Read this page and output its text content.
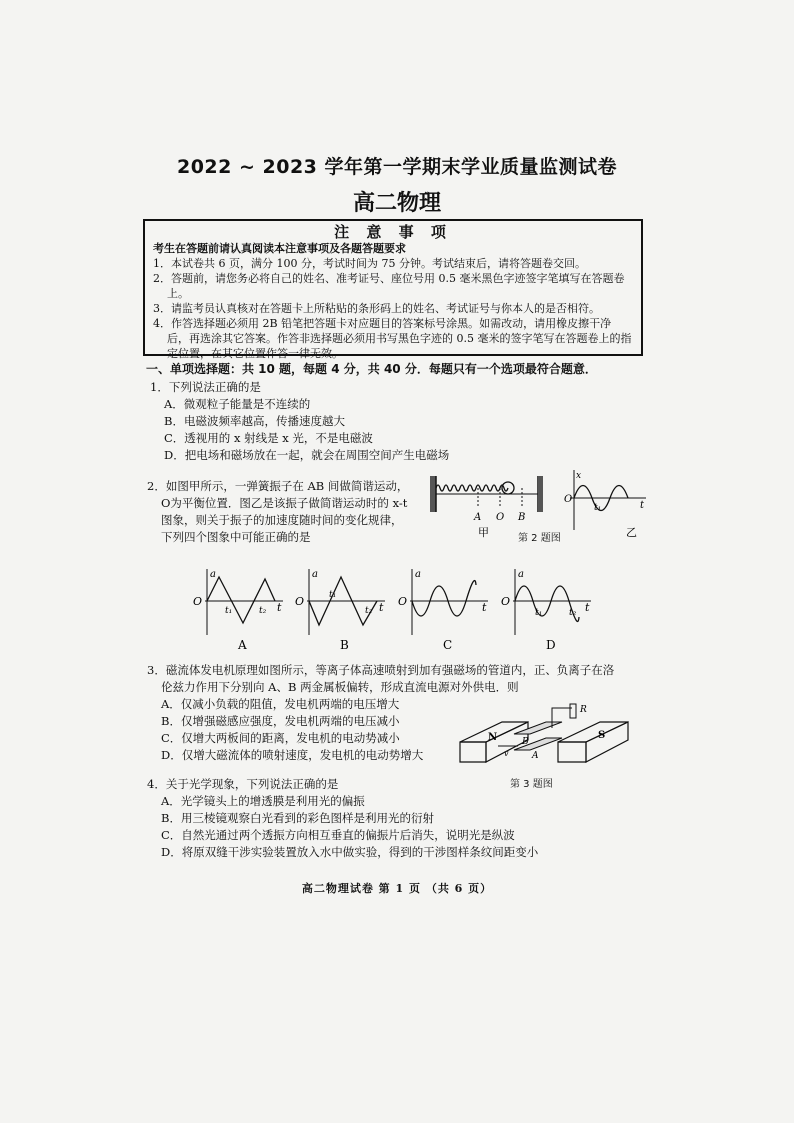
2022 ~ 2023 学年第一学期末学业质量监测试卷
高二物理
注 意 事 项
考生在答题前请认真阅读本注意事项及各题答题要求
1．本试卷共 6 页，满分 100 分，考试时间为 75 分钟。考试结束后，请将答题卷交回。
2．答题前，请您务必将自己的姓名、准考证号、座位号用 0.5 毫米黑色字迹签字笔填写在答题卷上。
3．请监考员认真核对在答题卡上所粘贴的条形码上的姓名、考试证号与你本人的是否相符。
4．作答选择题必须用 2B 铅笔把答题卡对应题目的答案标号涂黑。如需改动，请用橡皮擦干净后，再选涂其它答案。作答非选择题必须用书写黑色字迹的 0.5 毫米的签字笔写在答题卷上的指定位置，在其它位置作答一律无效。
一、单项选择题：共 10 题，每题 4 分，共 40 分．每题只有一个选项最符合题意．
1．下列说法正确的是
A．微观粒子能量是不连续的
B．电磁波频率越高，传播速度越大
C．透视用的 x 射线是 x 光，不是电磁波
D．把电场和磁场放在一起，就会在周围空间产生电磁场
2．如图甲所示，一弹簧振子在 AB 间做简谐运动，
O为平衡位置．图乙是该振子做简谐运动时的 x-t
图象，则关于振子的加速度随时间的变化规律，
下列四个图象中可能正确的是
A O B
甲
x
O
t₁	t
乙
第 2 题图
O
a
t₁	t₂ t
A
O
a
t₁
t₂ t
B
O
a
t
C
O
a
t₁	t₂ t
D
3．磁流体发电机原理如图所示，等离子体高速喷射到加有强磁场的管道内，正、负离子在洛
伦兹力作用下分别向 A、B 两金属板偏转，形成直流电源对外供电．则
A．仅减小负载的阻值，发电机两端的电压增大
B．仅增强磁感应强度，发电机两端的电压减小
C．仅增大两板间的距离，发电机的电动势减小
D．仅增大磁流体的喷射速度，发电机的电动势增大
N	B
A
v
S
R
第 3 题图
4．关于光学现象，下列说法正确的是
A．光学镜头上的增透膜是利用光的偏振
B．用三棱镜观察白光看到的彩色图样是利用光的衍射
C．自然光通过两个透振方向相互垂直的偏振片后消失，说明光是纵波
D．将原双缝干涉实验装置放入水中做实验，得到的干涉图样条纹间距变小
高二物理试卷 第 1 页 （共 6 页）
